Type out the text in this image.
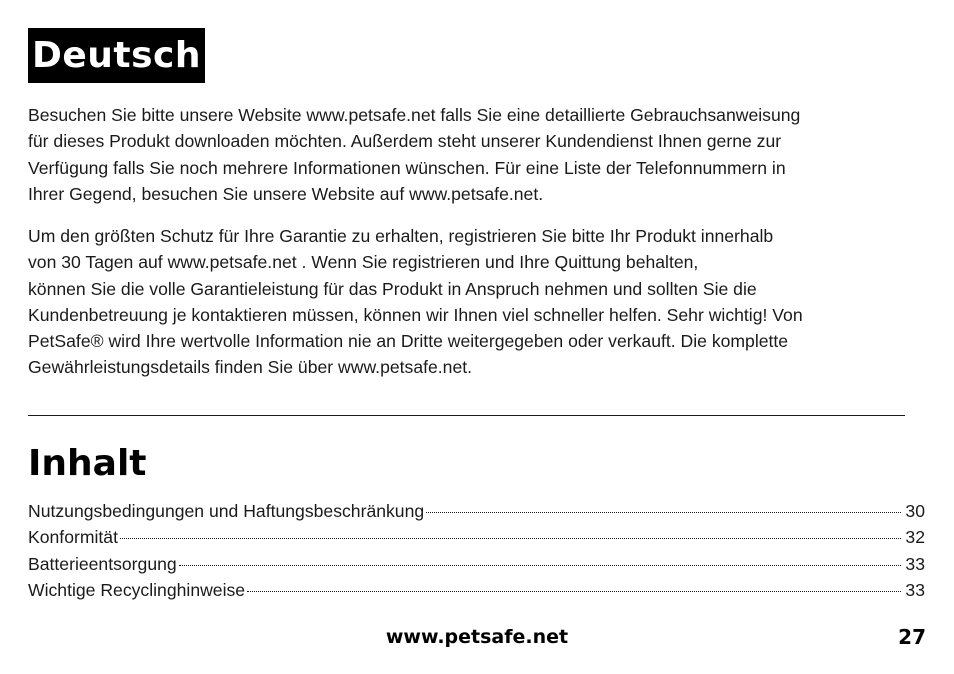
Deutsch

Besuchen Sie bitte unsere Website www.petsafe.net falls Sie eine detaillierte Gebrauchsanweisung
für dieses Produkt downloaden möchten. Außerdem steht unserer Kundendienst Ihnen gerne zur
Verfügung falls Sie noch mehrere Informationen wünschen. Für eine Liste der Telefonnummern in
Ihrer Gegend, besuchen Sie unsere Website auf www.petsafe.net.

Um den größten Schutz für Ihre Garantie zu erhalten, registrieren Sie bitte Ihr Produkt innerhalb
von 30 Tagen auf www.petsafe.net . Wenn Sie registrieren und Ihre Quittung behalten,
können Sie die volle Garantieleistung für das Produkt in Anspruch nehmen und sollten Sie die
Kundenbetreuung je kontaktieren müssen, können wir Ihnen viel schneller helfen. Sehr wichtig! Von
PetSafe® wird Ihre wertvolle Information nie an Dritte weitergegeben oder verkauft. Die komplette
Gewährleistungsdetails finden Sie über www.petsafe.net.

Inhalt
Nutzungsbedingungen und Haftungsbeschränkung	30
Konformität	32
Batterieentsorgung	33
Wichtige Recyclinghinweise	33
www.petsafe.net	27
